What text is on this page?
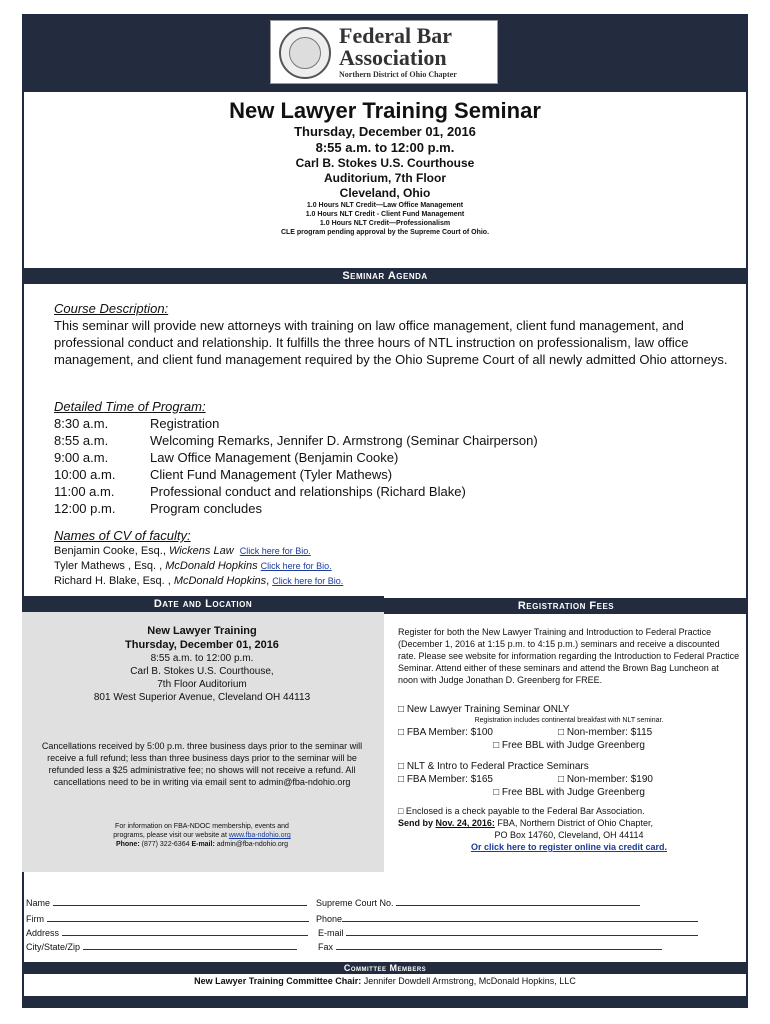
Federal Bar
Association
Northern District of Ohio Chapter
New Lawyer Training Seminar
Thursday, December 01, 2016
8:55 a.m. to 12:00 p.m.
Carl B. Stokes U.S. Courthouse
Auditorium, 7th Floor
Cleveland, Ohio
1.0 Hours NLT Credit—Law Office Management
1.0 Hours NLT Credit - Client Fund Management
1.0 Hours NLT Credit—Professionalism
CLE program pending approval by the Supreme Court of Ohio.
Seminar Agenda
Course Description:
This seminar will provide new attorneys with training on law office management, client fund management, and professional conduct and relationship. It fulfills the three hours of NTL instruction on professionalism, law office management, and client fund management required by the Ohio Supreme Court of all newly admitted Ohio attorneys.
Detailed Time of Program:
8:30 a.m.	Registration
8:55 a.m.	Welcoming Remarks, Jennifer D. Armstrong (Seminar Chairperson)
9:00 a.m.	Law Office Management (Benjamin Cooke)
10:00 a.m.	Client Fund Management (Tyler Mathews)
11:00 a.m.	Professional conduct and relationships (Richard Blake)
12:00 p.m.	Program concludes
Names of CV of faculty:
Benjamin Cooke, Esq., Wickens Law Click here for Bio.
Tyler Mathews , Esq. , McDonald Hopkins Click here for Bio.
Richard H. Blake, Esq. , McDonald Hopkins, Click here for Bio.
Date and Location	Registration Fees
New Lawyer Training
Thursday, December 01, 2016
8:55 a.m. to 12:00 p.m.
Carl B. Stokes U.S. Courthouse,
7th Floor Auditorium
801 West Superior Avenue, Cleveland OH 44113
Cancellations received by 5:00 p.m. three business days prior to the seminar will receive a full refund; less than three business days prior to the seminar will be refunded less a $25 administrative fee; no shows will not receive a refund. All cancellations need to be in writing via email sent to admin@fba-ndohio.org
For information on FBA-NDOC membership, events and
programs, please visit our website at www.fba-ndohio.org
Phone: (877) 322-6364 E-mail: admin@fba-ndohio.org
Register for both the New Lawyer Training and Introduction to Federal Practice (December 1, 2016 at 1:15 p.m. to 4:15 p.m.) seminars and receive a discounted rate. Please see website for information regarding the Introduction to Federal Practice Seminar. Attend either of these seminars and attend the Brown Bag Luncheon at noon with Judge Jonathan D. Greenberg for FREE.
□ New Lawyer Training Seminar ONLY
Registration includes continental breakfast with NLT seminar.
□ FBA Member: $100	□ Non-member: $115
□ Free BBL with Judge Greenberg
□ NLT & Intro to Federal Practice Seminars
□ FBA Member: $165	□ Non-member: $190
□ Free BBL with Judge Greenberg
□ Enclosed is a check payable to the Federal Bar Association.
Send by Nov. 24, 2016: FBA, Northern District of Ohio Chapter,
PO Box 14760, Cleveland, OH 44114
Or click here to register online via credit card.
Name	Supreme Court No.
Firm	Phone
Address	E-mail
City/State/Zip	Fax
Committee Members
New Lawyer Training Committee Chair: Jennifer Dowdell Armstrong, McDonald Hopkins, LLC
